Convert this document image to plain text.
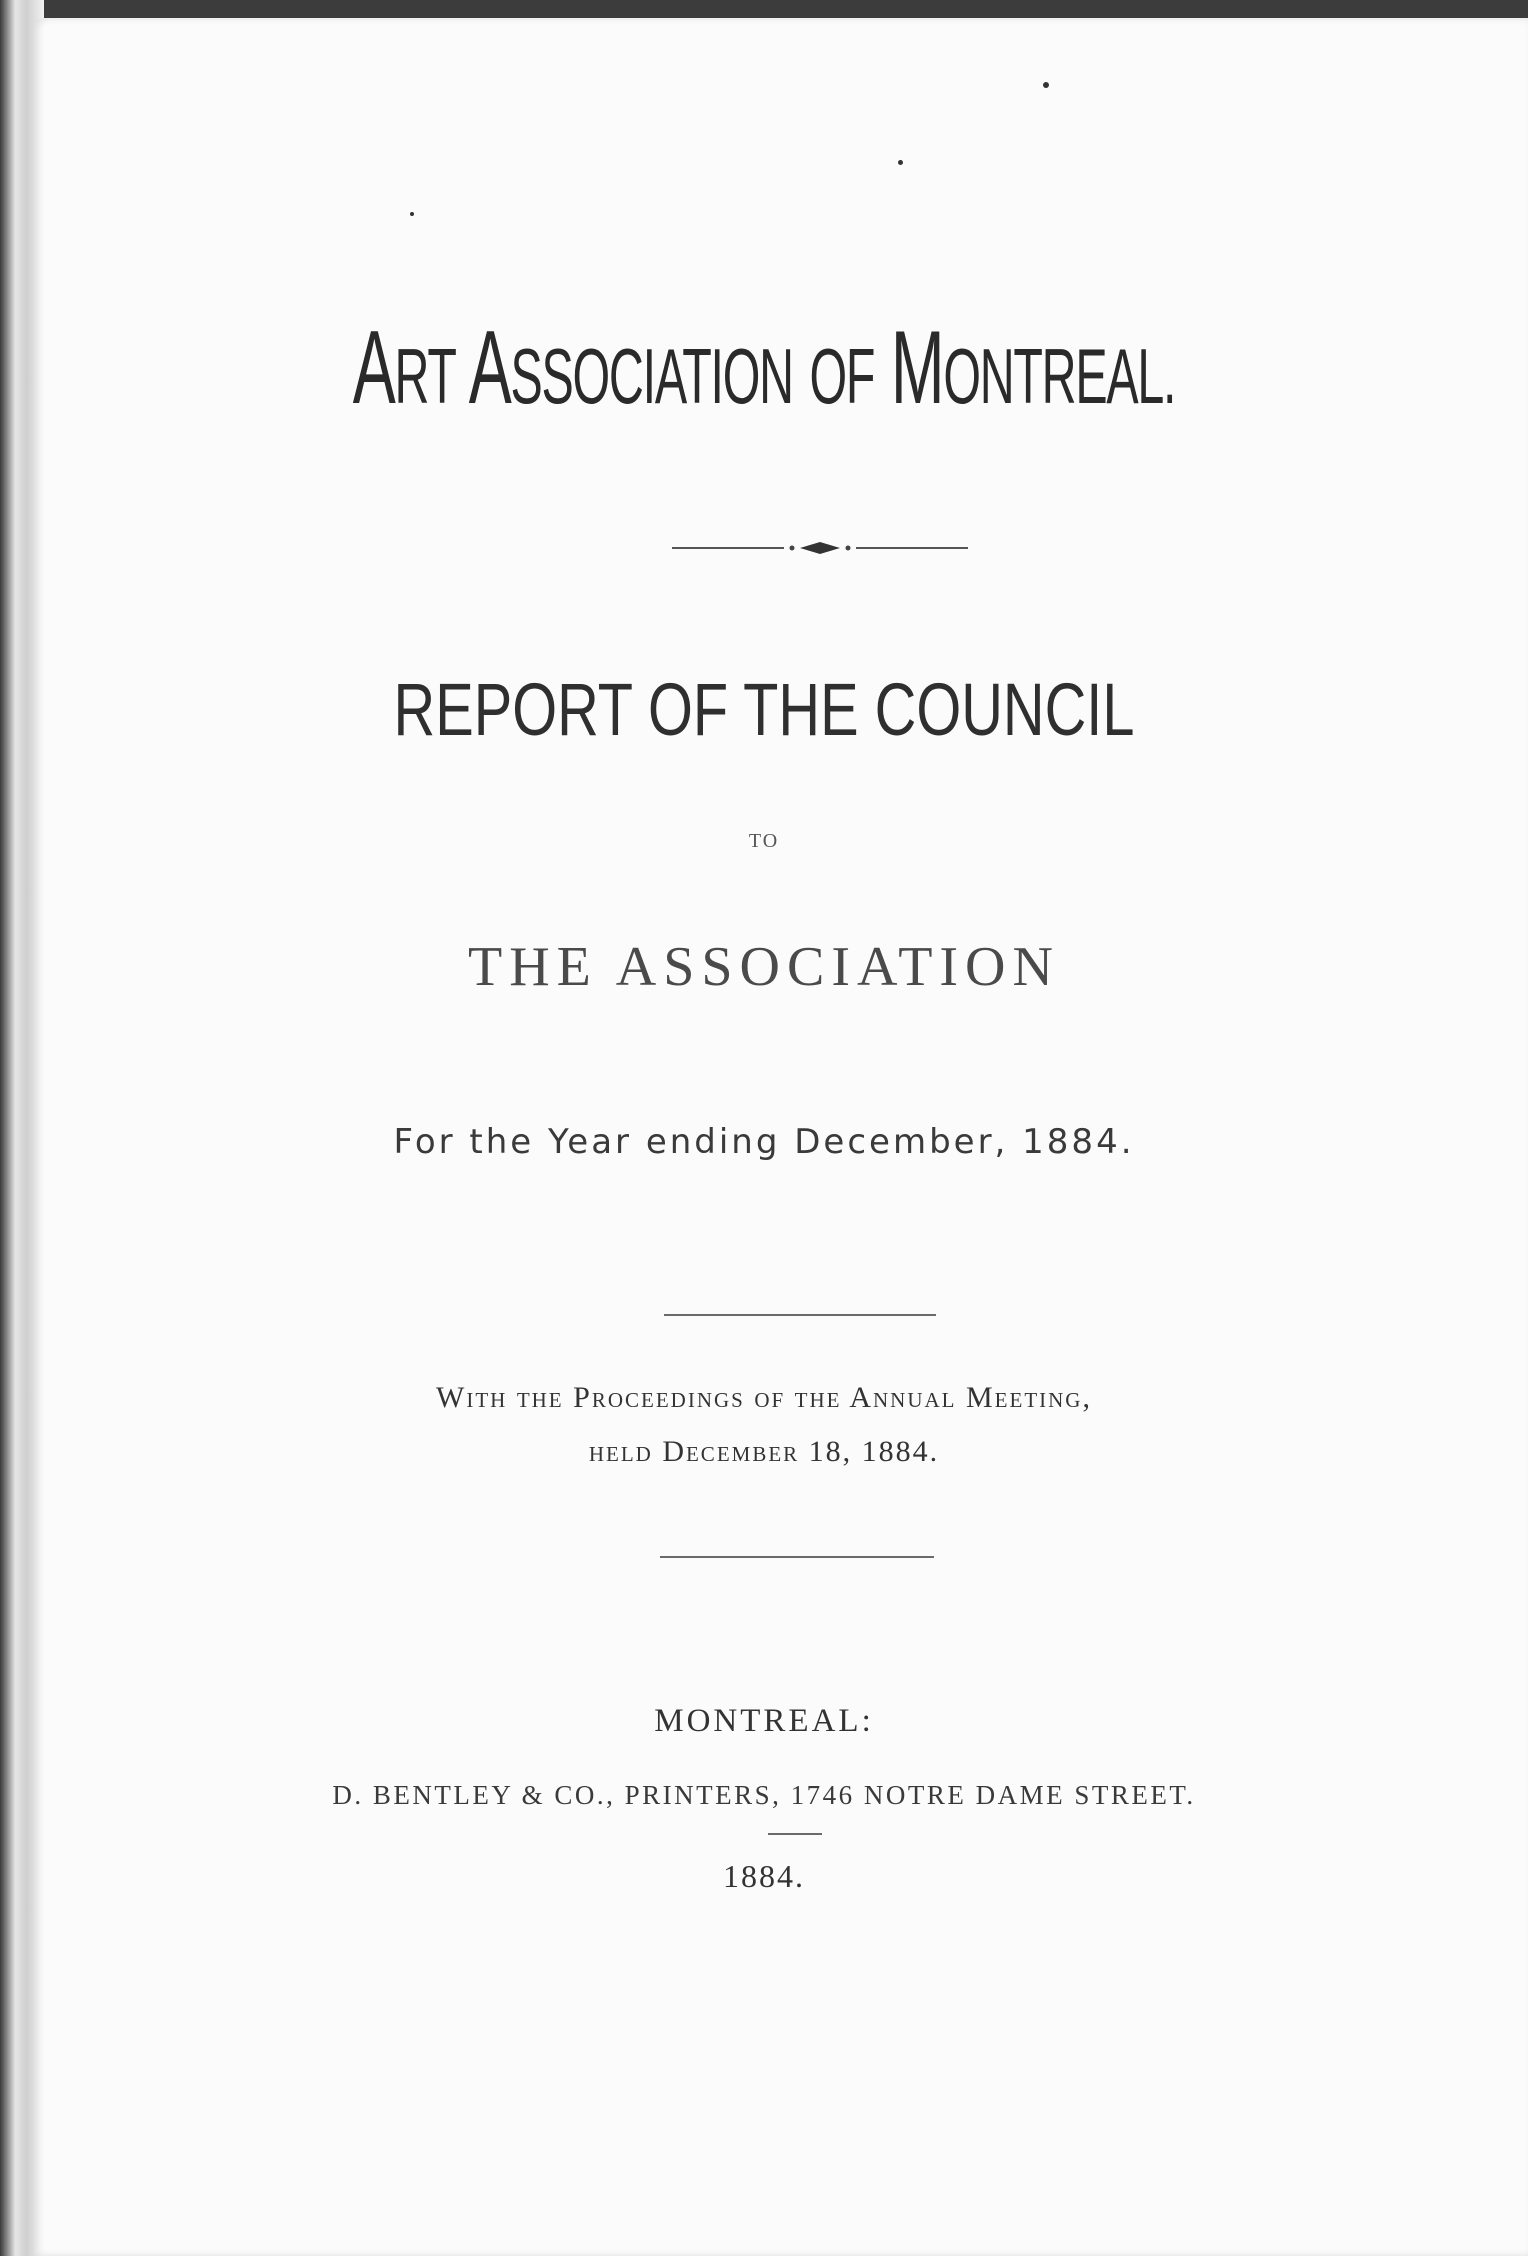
ART ASSOCIATION OF MONTREAL.
REPORT OF THE COUNCIL
TO
THE ASSOCIATION
For the Year ending December, 1884.
With the Proceedings of the Annual Meeting,
held December 18, 1884.
MONTREAL:
D. BENTLEY & CO., PRINTERS, 1746 NOTRE DAME STREET.
1884.
